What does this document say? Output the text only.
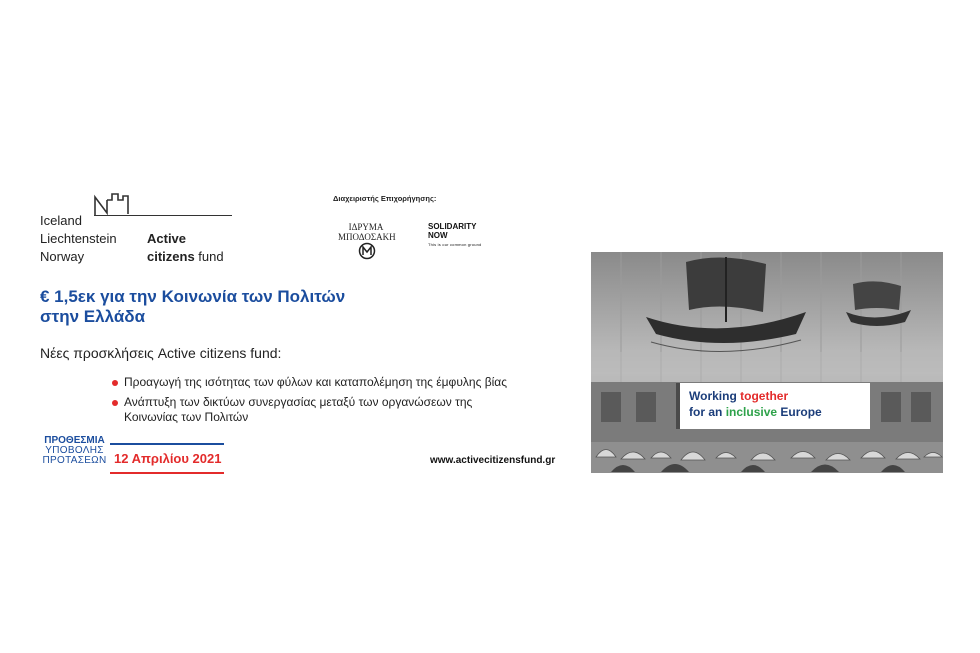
Iceland
Liechtenstein
Norway
Active
citizens fund
Διαχειριστής Επιχορήγησης:
ΙΔΡΥΜΑ
ΜΠΟΔΟΣΑΚΗ
SOLIDARITY
NOW
This is our common ground
€ 1,5εκ για την Κοινωνία των Πολιτών
στην Ελλάδα
Νέες προσκλήσεις Active citizens fund:
Προαγωγή της ισότητας των φύλων και καταπολέμηση της έμφυλης βίας
Ανάπτυξη των δικτύων συνεργασίας μεταξύ των οργανώσεων της
Κοινωνίας των Πολιτών
ΠΡΟΘΕΣΜΙΑ
ΥΠΟΒΟΛΗΣ
ΠΡΟΤΑΣΕΩΝ 12 Απριλίου 2021	www.activecitizensfund.gr
Working together
for an inclusive Europe
